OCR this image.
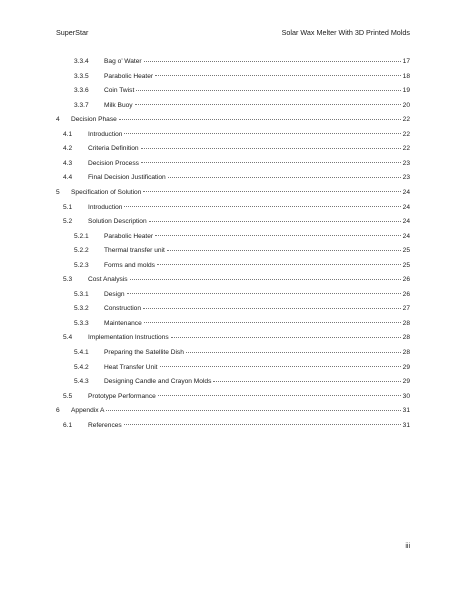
SuperStar	Solar Wax Melter With 3D Printed Molds
3.3.4 Bag o’ Water	17
3.3.5 Parabolic Heater	18
3.3.6 Coin Twist	19
3.3.7 Milk Buoy	20
4 Decision Phase	22
4.1 Introduction	22
4.2 Criteria Definition	22
4.3 Decision Process	23
4.4 Final Decision Justification	23
5 Specification of Solution	24
5.1 Introduction	24
5.2 Solution Description	24
5.2.1 Parabolic Heater	24
5.2.2 Thermal transfer unit	25
5.2.3 Forms and molds	25
5.3 Cost Analysis	26
5.3.1 Design	26
5.3.2 Construction	27
5.3.3 Maintenance	28
5.4 Implementation Instructions	28
5.4.1 Preparing the Satellite Dish	28
5.4.2 Heat Transfer Unit	29
5.4.3 Designing Candle and Crayon Molds	29
5.5 Prototype Performance	30
6 Appendix A	31
6.1 References	31
iii
